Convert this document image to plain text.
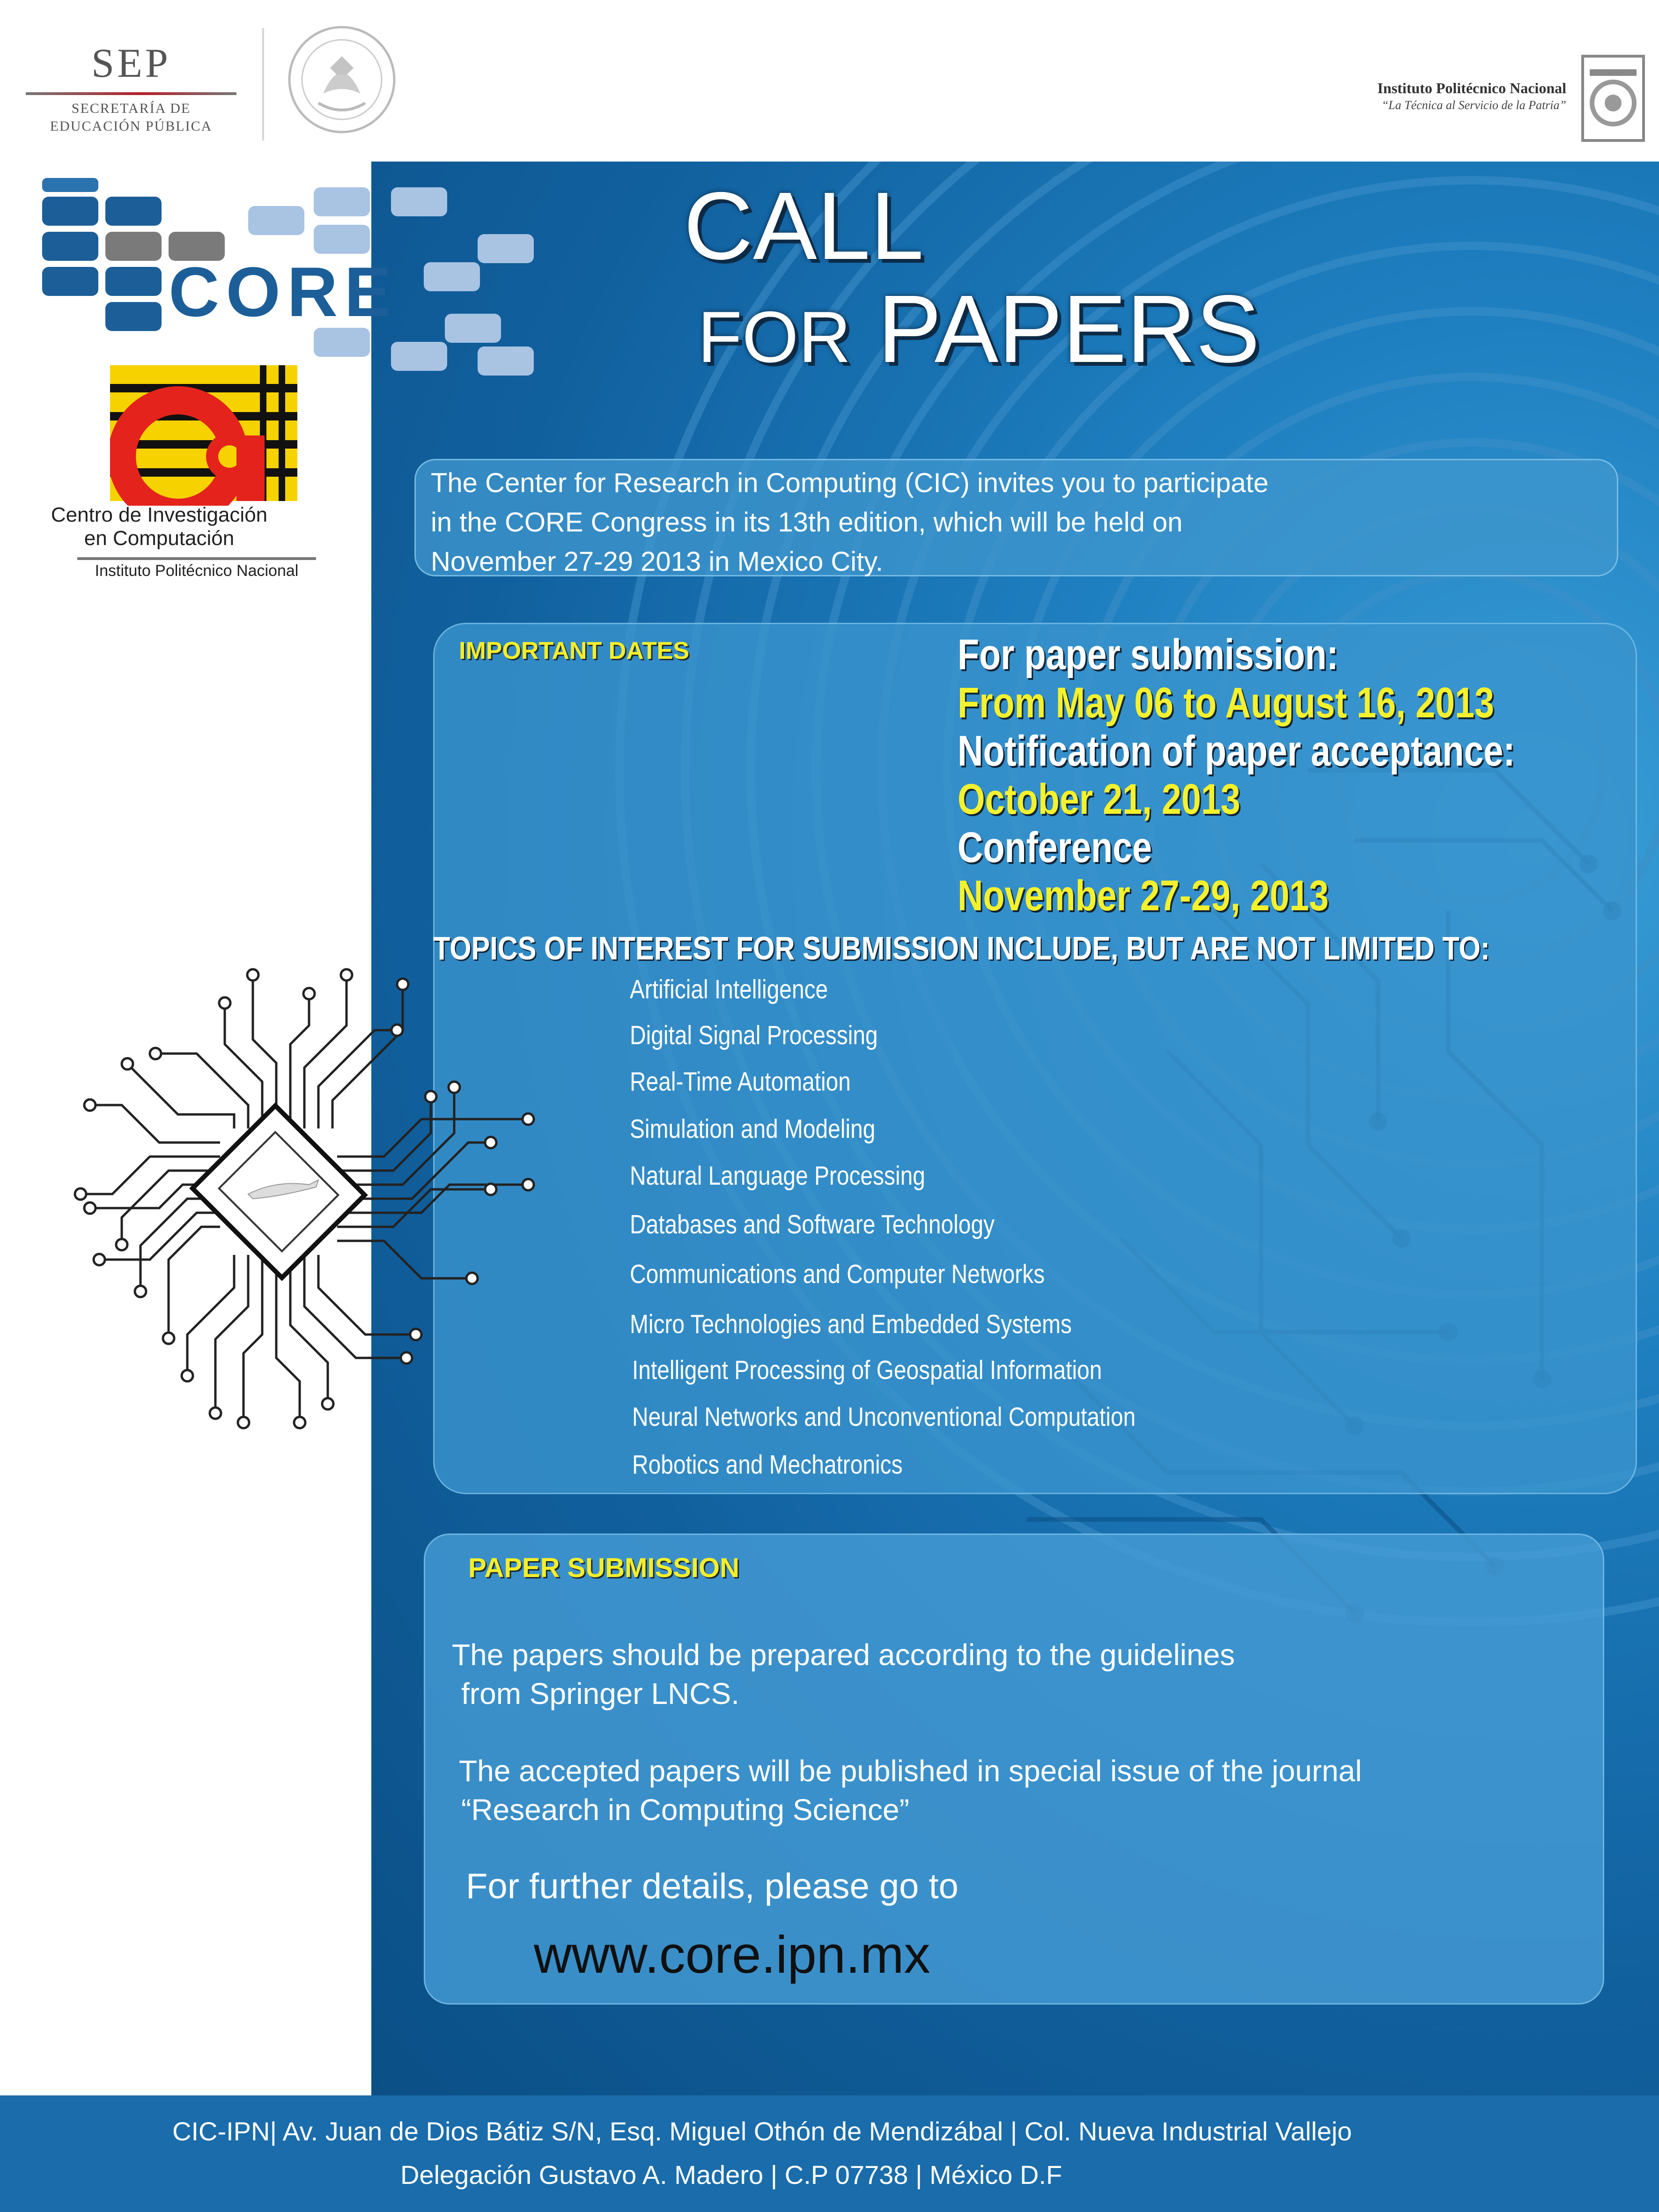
SEP
SECRETARÍA DE
EDUCACIÓN PÚBLICA
Instituto Politécnico Nacional
“La Técnica al Servicio de la Patria”
CORE
Centro de Investigación
en Computación
Instituto Politécnico Nacional
CALL
FOR PAPERS
The Center for Research in Computing (CIC) invites you to participate
in the CORE Congress in its 13th edition, which will be held on
November 27-29 2013 in Mexico City.
IMPORTANT DATES	For paper submission:
From May 06 to August 16, 2013
Notification of paper acceptance:
October 21, 2013
Conference
November 27-29, 2013
TOPICS OF INTEREST FOR SUBMISSION INCLUDE, BUT ARE NOT LIMITED TO:
Artificial Intelligence
Digital Signal Processing
Real-Time Automation
Simulation and Modeling
Natural Language Processing
Databases and Software Technology
Communications and Computer Networks
Micro Technologies and Embedded Systems
Intelligent Processing of Geospatial Information
Neural Networks and Unconventional Computation
Robotics and Mechatronics
PAPER SUBMISSION
The papers should be prepared according to the guidelines
from Springer LNCS.
The accepted papers will be published in special issue of the journal
“Research in Computing Science”
For further details, please go to
www.core.ipn.mx
CIC-IPN| Av. Juan de Dios Bátiz S/N, Esq. Miguel Othón de Mendizábal | Col. Nueva Industrial Vallejo
Delegación Gustavo A. Madero | C.P 07738 | México D.F
